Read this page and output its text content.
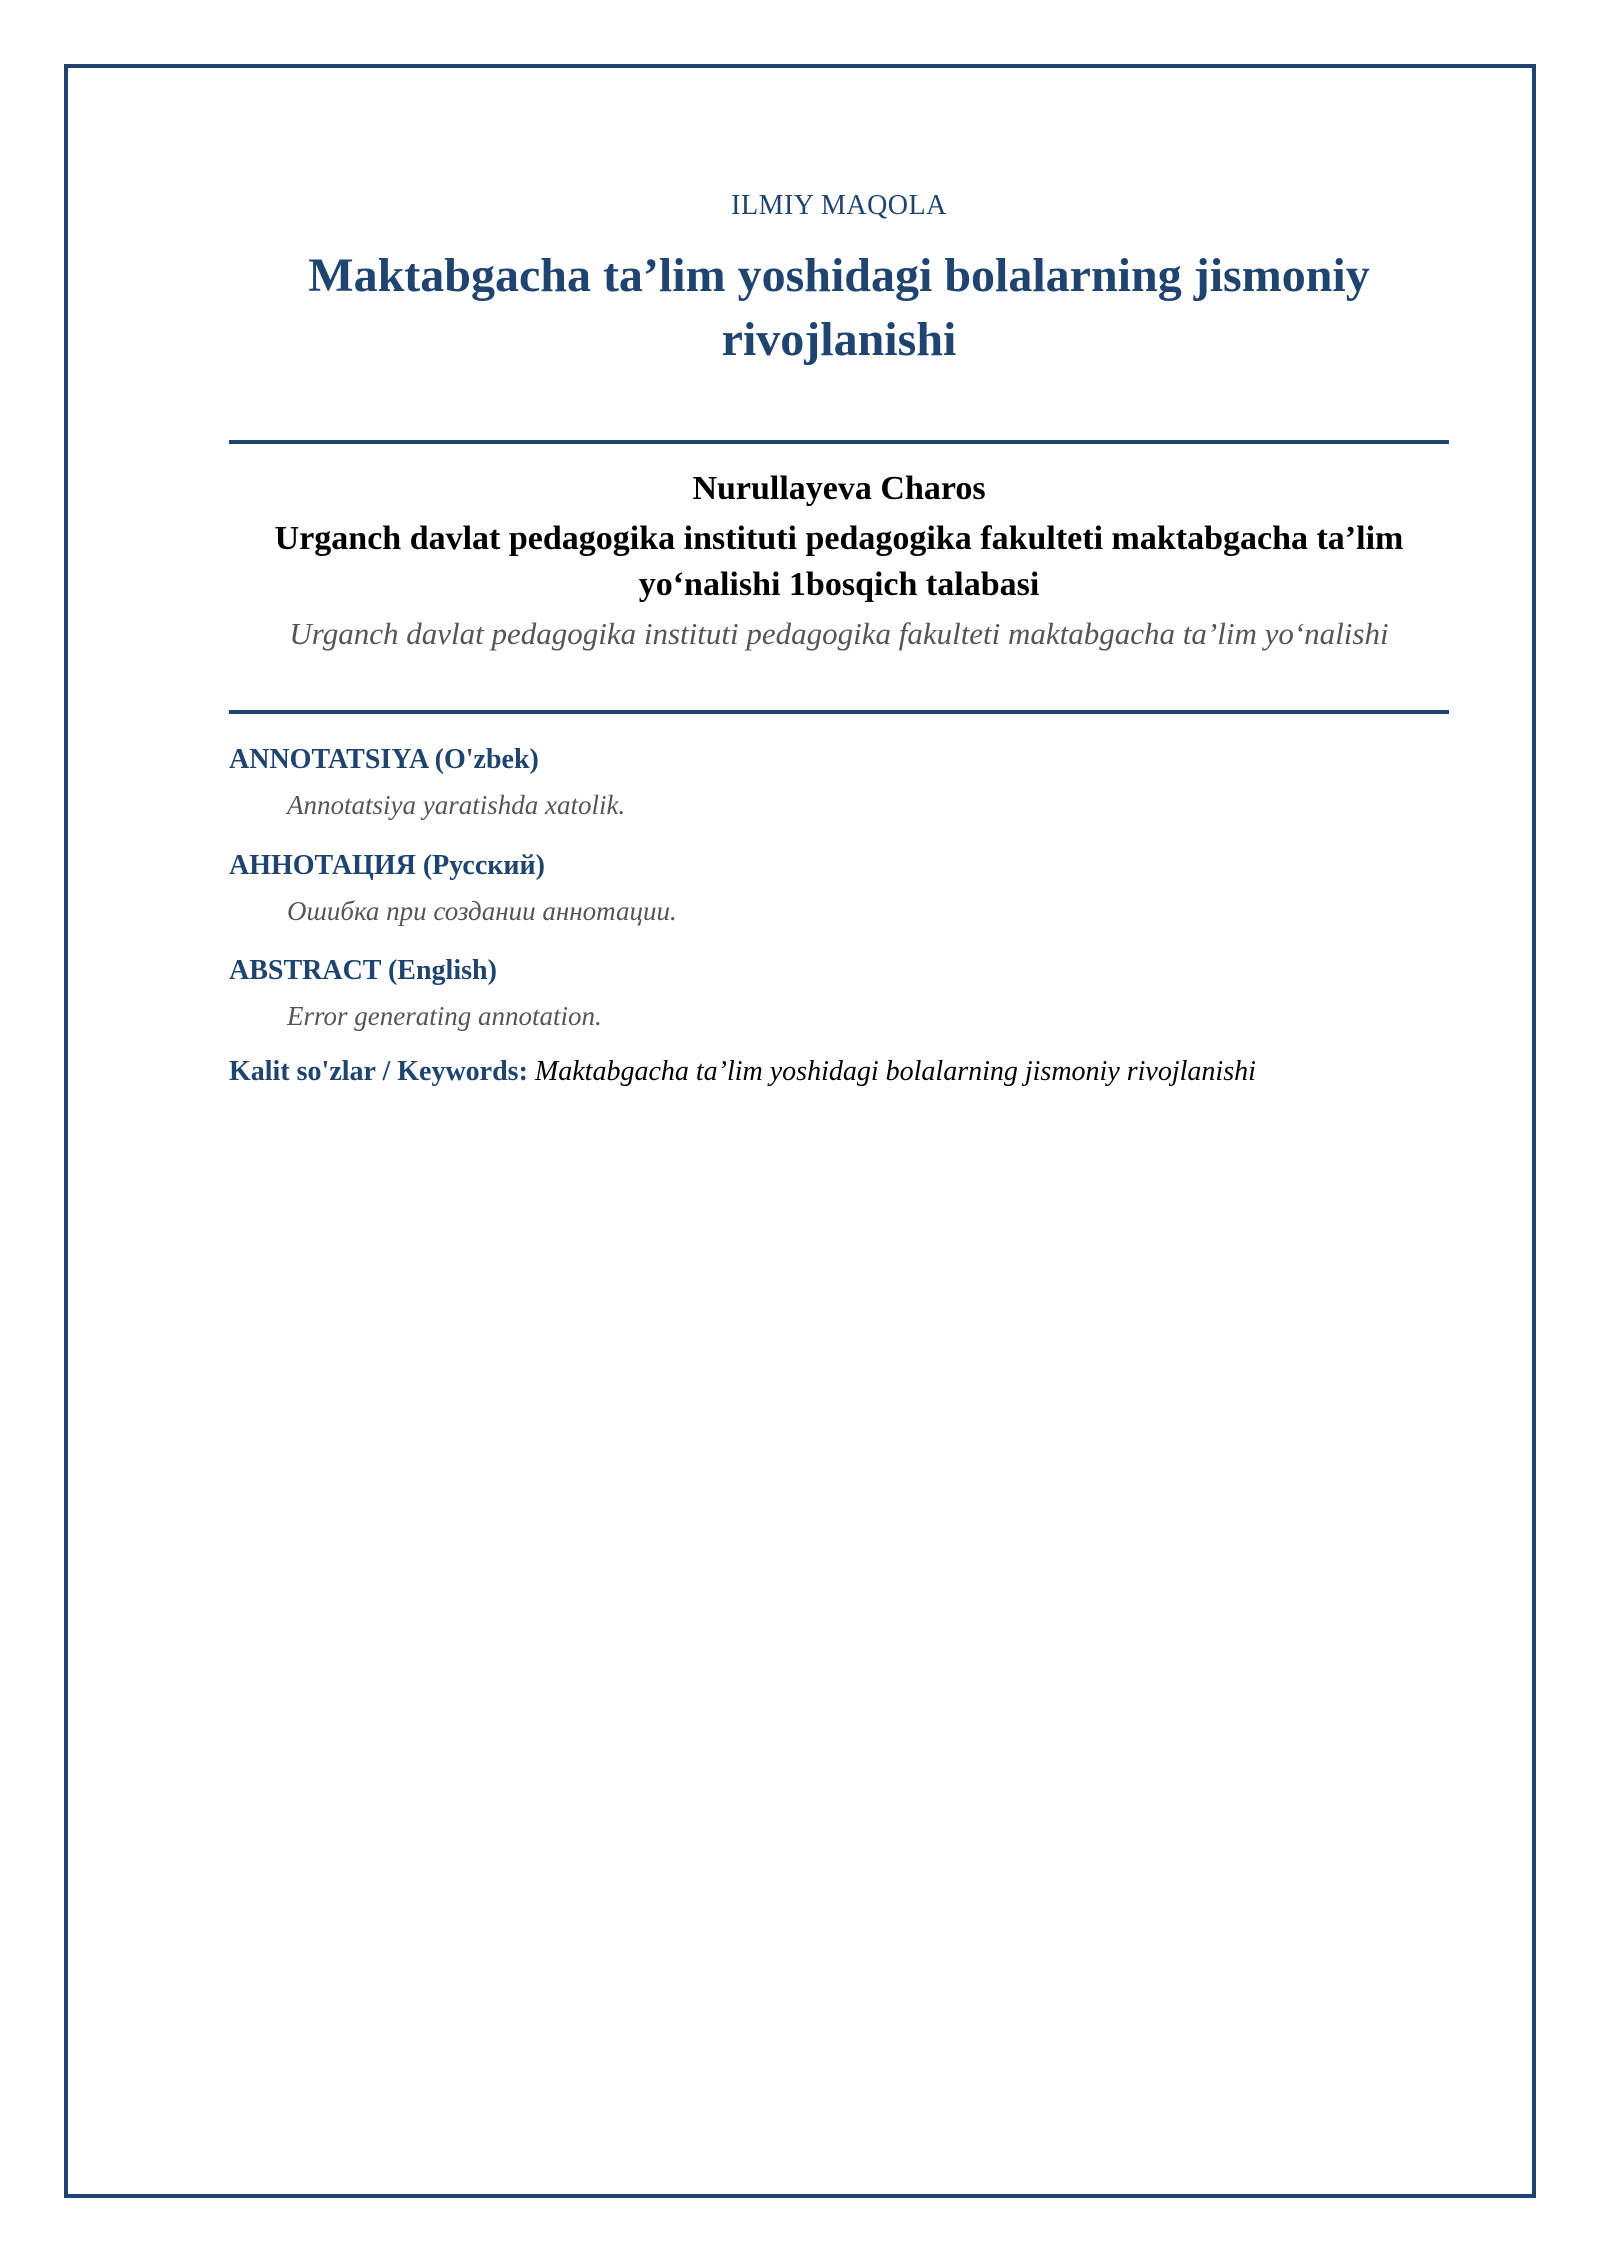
ILMIY MAQOLA
Maktabgacha ta’lim yoshidagi bolalarning jismoniy rivojlanishi
Nurullayeva Charos
Urganch davlat pedagogika instituti pedagogika fakulteti maktabgacha ta’lim yo‘nalishi 1bosqich talabasi
Urganch davlat pedagogika instituti pedagogika fakulteti maktabgacha ta’lim yo‘nalishi
ANNOTATSIYA (O'zbek)
Annotatsiya yaratishda xatolik.
АННОТАЦИЯ (Русский)
Ошибка при создании аннотации.
ABSTRACT (English)
Error generating annotation.
Kalit so'zlar / Keywords: Maktabgacha ta’lim yoshidagi bolalarning jismoniy rivojlanishi
